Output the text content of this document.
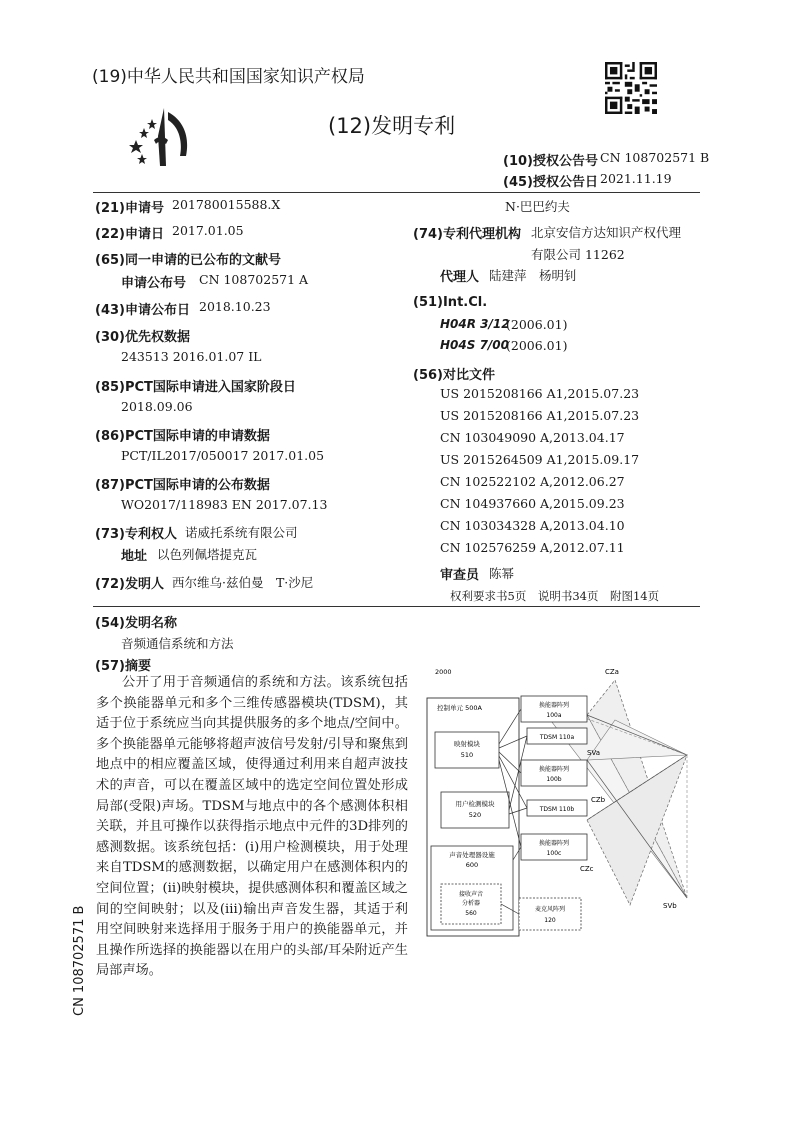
(19)中华人民共和国国家知识产权局
(12)发明专利
(10)授权公告号 CN 108702571 B
(45)授权公告日 2021.11.19
(21)申请号 201780015588.X
(22)申请日 2017.01.05
(65)同一申请的已公布的文献号
申请公布号 CN 108702571 A
(43)申请公布日 2018.10.23
(30)优先权数据
243513 2016.01.07 IL
(85)PCT国际申请进入国家阶段日
2018.09.06
(86)PCT国际申请的申请数据
PCT/IL2017/050017 2017.01.05
(87)PCT国际申请的公布数据
WO2017/118983 EN 2017.07.13
(73)专利权人 诺威托系统有限公司
地址 以色列佩塔提克瓦
(72)发明人 西尔维乌·兹伯曼　T·沙尼
N·巴巴约夫
(74)专利代理机构 北京安信方达知识产权代理
有限公司 11262
代理人 陆建萍　杨明钊
(51)Int.Cl.
H04R 3/12
(2006.01)
H04S 7/00
(2006.01)
(56)对比文件
US 2015208166 A1,2015.07.23
US 2015208166 A1,2015.07.23
CN 103049090 A,2013.04.17
US 2015264509 A1,2015.09.17
CN 102522102 A,2012.06.27
CN 104937660 A,2015.09.23
CN 103034328 A,2013.04.10
CN 102576259 A,2012.07.11
审查员 陈幂
权利要求书5页　说明书34页　附图14页
(54)发明名称
音频通信系统和方法
(57)摘要
公开了用于音频通信的系统和方法。该系统包括多个换能器单元和多个三维传感器模块(TDSM)，其适于位于系统应当向其提供服务的多个地点/空间中。多个换能器单元能够将超声波信号发射/引导和聚焦到地点中的相应覆盖区域，使得通过利用来自超声波技术的声音，可以在覆盖区域中的选定空间位置处形成局部(受限)声场。TDSM与地点中的各个感测体积相关联，并且可操作以获得指示地点中元件的3D排列的感测数据。该系统包括：(i)用户检测模块，用于处理来自TDSM的感测数据，以确定用户在感测体积内的空间位置；(ii)映射模块，提供感测体积和覆盖区域之间的空间映射；以及(iii)输出声音发生器，其适于利用空间映射来选择用于服务于用户的换能器单元，并且操作所选择的换能器以在用户的头部/耳朵附近产生局部声场。
CN 108702571 B
2000	CZa
SVa
CZb
CZc
SVb
控制单元 500A
映射模块
510
用户检测模块
520
声音处理器设施
600
接收声音
分析器
560
换能器阵列
100a
TDSM 110a
换能器阵列
100b
TDSM 110b
换能器阵列
100c
麦克风阵列
120
